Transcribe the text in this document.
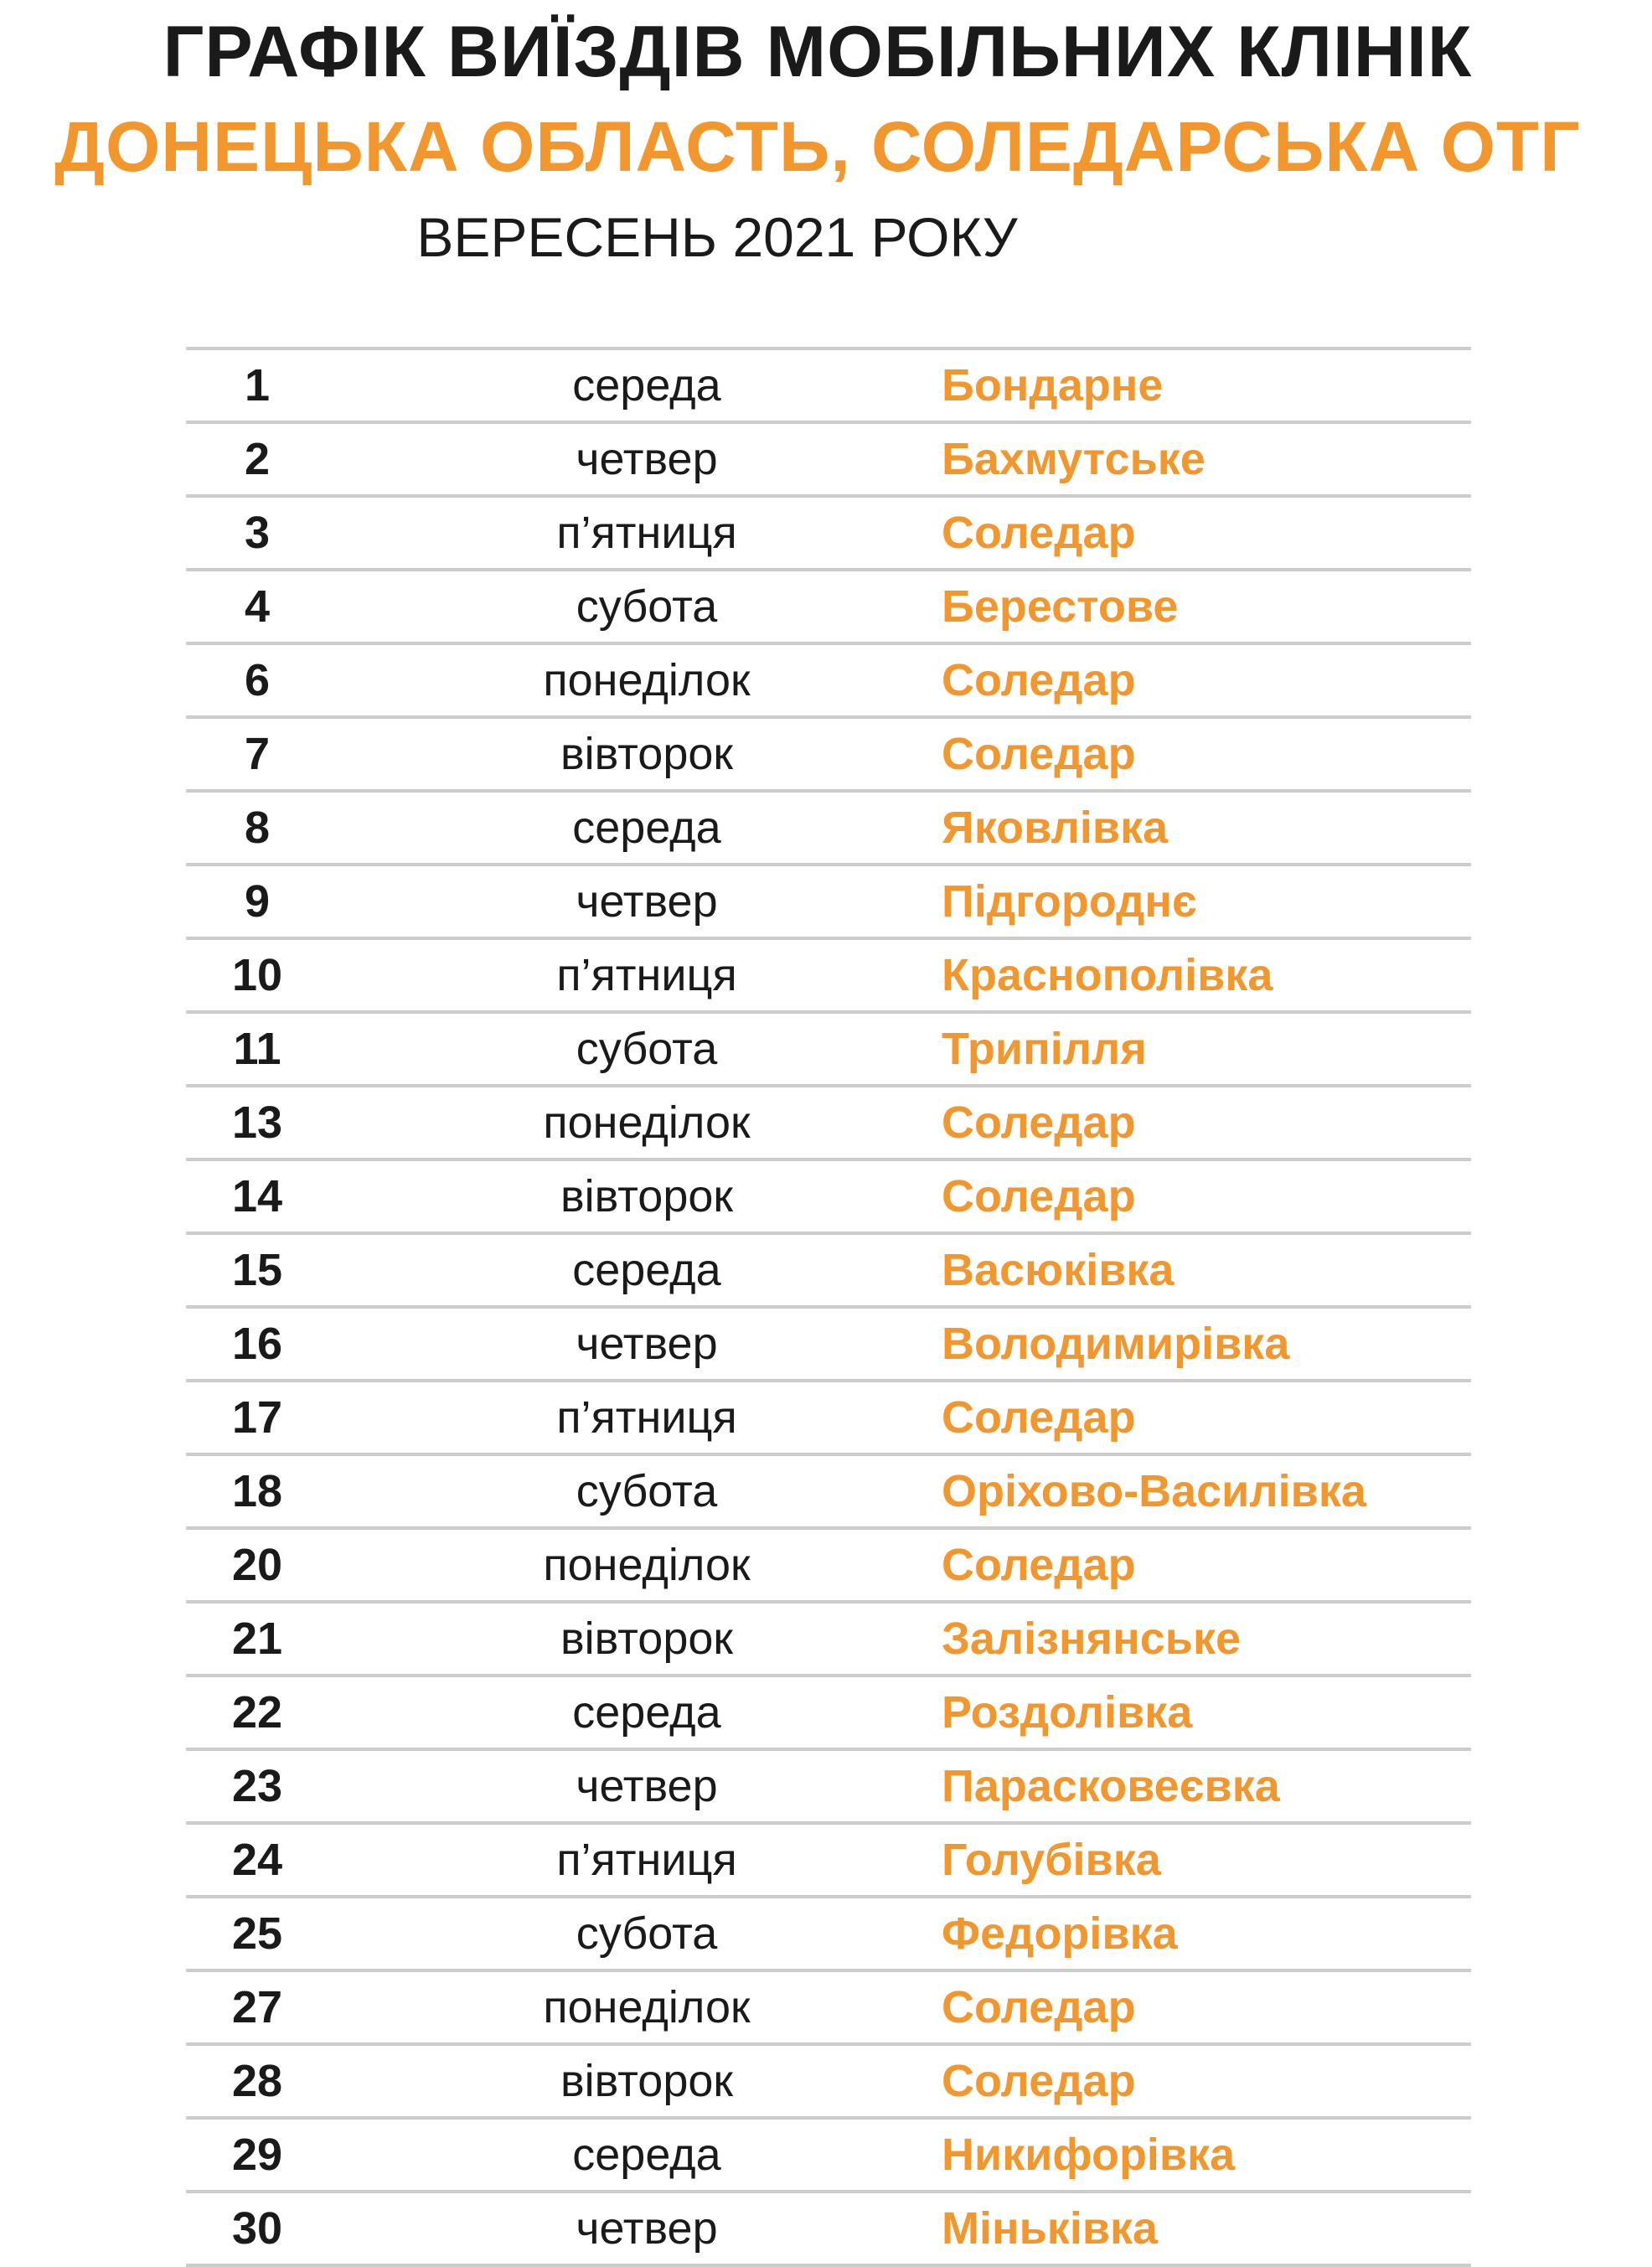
ГРАФІК ВИЇЗДІВ МОБІЛЬНИХ КЛІНІК
ДОНЕЦЬКА ОБЛАСТЬ, СОЛЕДАРСЬКА ОТГ
ВЕРЕСЕНЬ 2021 РОКУ
1	середа	Бондарне
2	четвер	Бахмутське
3	п’ятниця	Соледар
4	субота	Берестове
6	понеділок	Соледар
7	вівторок	Соледар
8	середа	Яковлівка
9	четвер	Підгороднє
10	п’ятниця	Краснополівка
11	субота	Трипілля
13	понеділок	Соледар
14	вівторок	Соледар
15	середа	Васюківка
16	четвер	Володимирівка
17	п’ятниця	Соледар
18	субота	Оріхово-Василівка
20	понеділок	Соледар
21	вівторок	Залізнянське
22	середа	Роздолівка
23	четвер	Парасковеєвка
24	п’ятниця	Голубівка
25	субота	Федорівка
27	понеділок	Соледар
28	вівторок	Соледар
29	середа	Никифорівка
30	четвер	Міньківка
